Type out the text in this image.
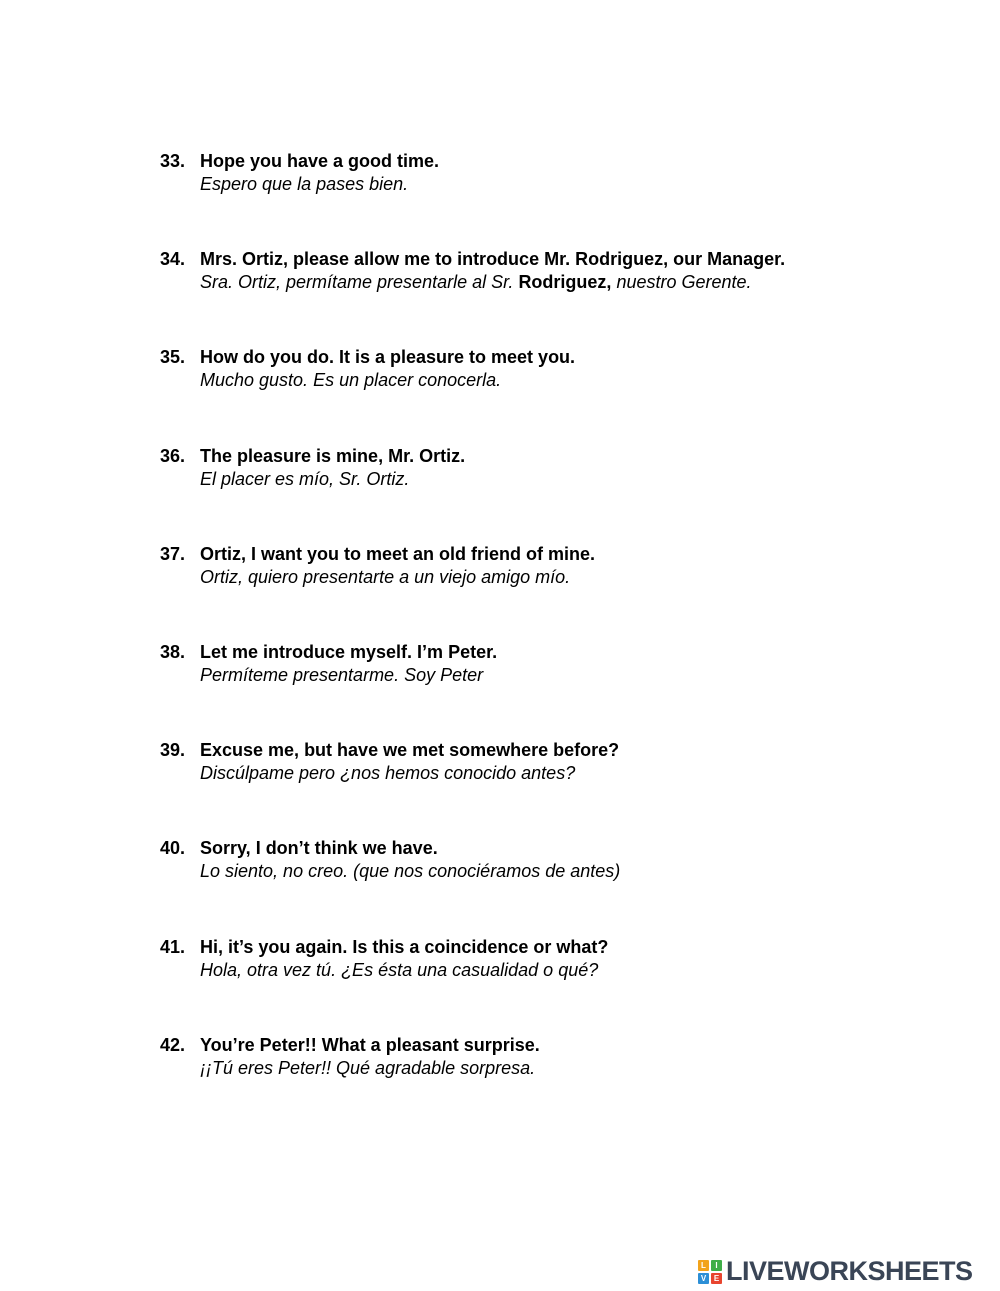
33. Hope you have a good time.
Espero que la pases bien.
34. Mrs. Ortiz, please allow me to introduce Mr. Rodriguez, our Manager.
Sra. Ortiz, permítame presentarle al Sr. Rodriguez, nuestro Gerente.
35. How do you do. It is a pleasure to meet you.
Mucho gusto. Es un placer conocerla.
36. The pleasure is mine, Mr. Ortiz.
El placer es mío, Sr. Ortiz.
37. Ortiz, I want you to meet an old friend of mine.
Ortiz, quiero presentarte a un viejo amigo mío.
38. Let me introduce myself. I’m Peter.
Permíteme presentarme. Soy Peter
39. Excuse me, but have we met somewhere before?
Discúlpame pero ¿nos hemos conocido antes?
40. Sorry, I don’t think we have.
Lo siento, no creo. (que nos conociéramos de antes)
41. Hi, it’s you again. Is this a coincidence or what?
Hola, otra vez tú. ¿Es ésta una casualidad o qué?
42. You’re Peter!! What a pleasant surprise.
¡¡Tú eres Peter!! Qué agradable sorpresa.
L	I
V E LIVEWORKSHEETS
